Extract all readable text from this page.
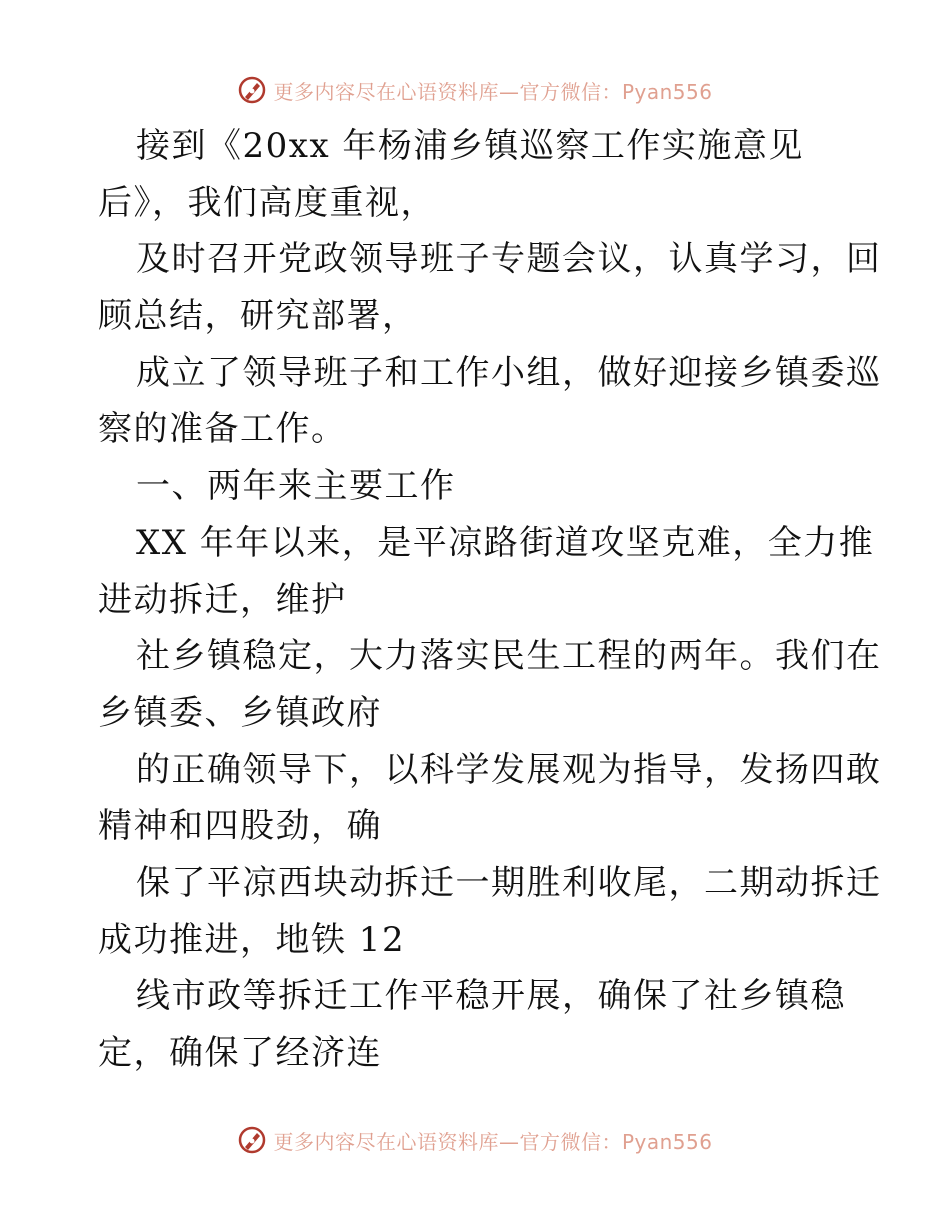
更多内容尽在心语资料库—官方微信：Pyan556
接到《20xx 年杨浦乡镇巡察工作实施意见
后》，我们高度重视，
及时召开党政领导班子专题会议，认真学习，回
顾总结，研究部署，
成立了领导班子和工作小组，做好迎接乡镇委巡
察的准备工作。
一、两年来主要工作
XX 年年以来，是平凉路街道攻坚克难，全力推
进动拆迁，维护
社乡镇稳定，大力落实民生工程的两年。我们在
乡镇委、乡镇政府
的正确领导下，以科学发展观为指导，发扬四敢
精神和四股劲，确
保了平凉西块动拆迁一期胜利收尾，二期动拆迁
成功推进，地铁 12
线市政等拆迁工作平稳开展，确保了社乡镇稳
定，确保了经济连
更多内容尽在心语资料库—官方微信：Pyan556
